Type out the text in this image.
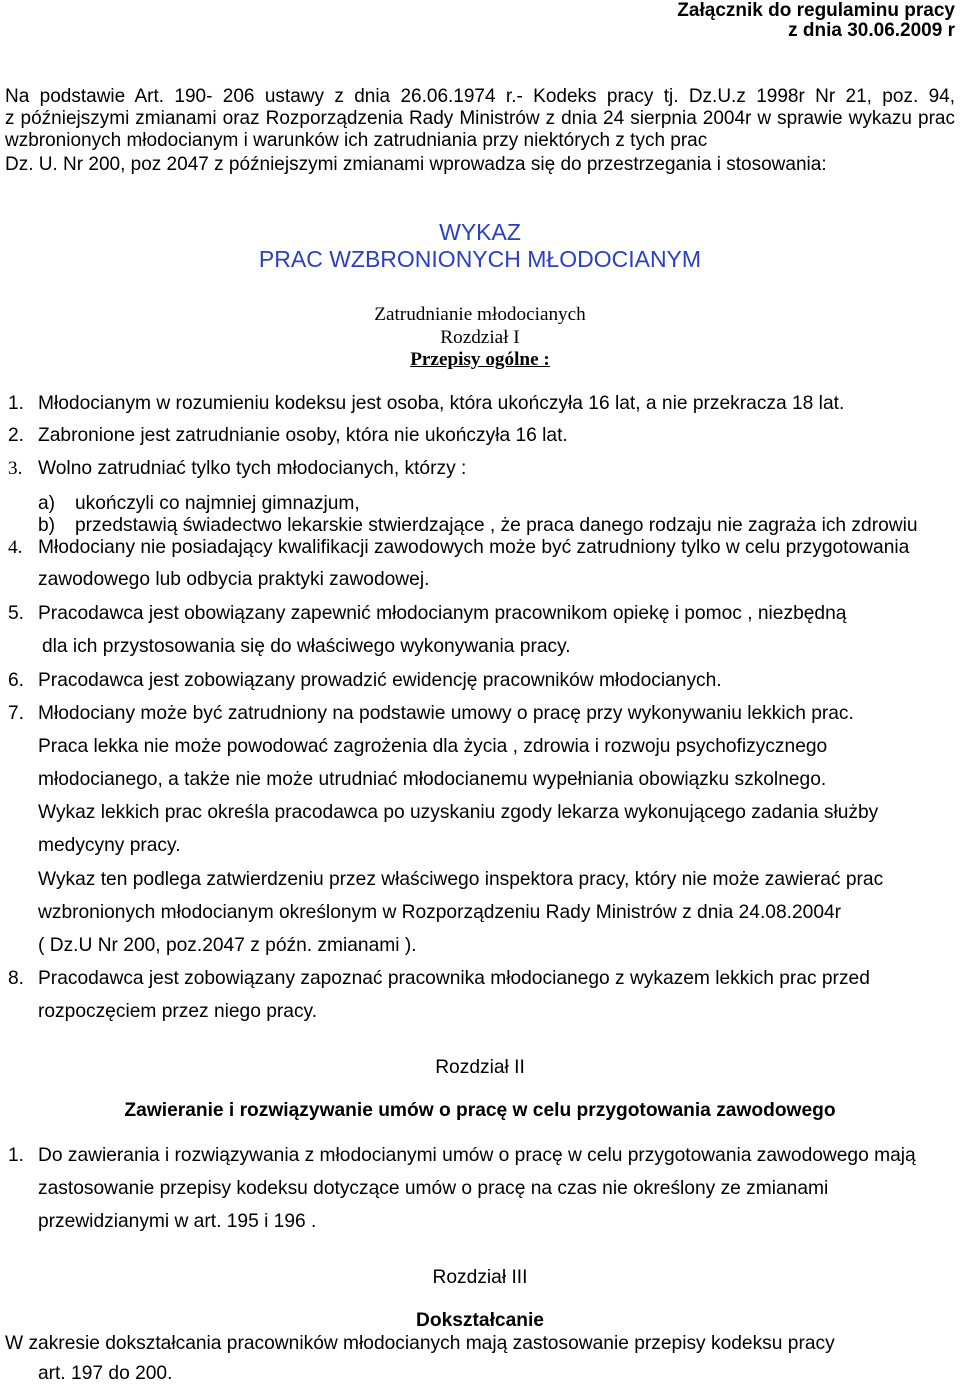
Załącznik do regulaminu pracy
z dnia 30.06.2009 r
Na podstawie Art. 190- 206 ustawy z dnia 26.06.1974 r.- Kodeks pracy tj. Dz.U.z 1998r Nr 21, poz. 94,
z późniejszymi zmianami oraz Rozporządzenia Rady Ministrów z dnia 24 sierpnia 2004r w sprawie wykazu prac
wzbronionych młodocianym i warunków ich zatrudniania przy niektórych z tych prac
Dz. U. Nr 200, poz 2047 z późniejszymi zmianami wprowadza się do przestrzegania i stosowania:
WYKAZ
PRAC WZBRONIONYCH MŁODOCIANYM
Zatrudnianie młodocianych
Rozdział I
Przepisy ogólne :
1. Młodocianym w rozumieniu kodeksu jest osoba, która ukończyła 16 lat, a nie przekracza 18 lat.
2. Zabronione jest zatrudnianie osoby, która nie ukończyła 16 lat.
3. Wolno zatrudniać tylko tych młodocianych, którzy :
a) ukończyli co najmniej gimnazjum,
b) przedstawią świadectwo lekarskie stwierdzające , że praca danego rodzaju nie zagraża ich zdrowiu
4. Młodociany nie posiadający kwalifikacji zawodowych może być zatrudniony tylko w celu przygotowania
zawodowego lub odbycia praktyki zawodowej.
5. Pracodawca jest obowiązany zapewnić młodocianym pracownikom opiekę i pomoc , niezbędną
dla ich przystosowania się do właściwego wykonywania pracy.
6. Pracodawca jest zobowiązany prowadzić ewidencję pracowników młodocianych.
7. Młodociany może być zatrudniony na podstawie umowy o pracę przy wykonywaniu lekkich prac.
Praca lekka nie może powodować zagrożenia dla życia , zdrowia i rozwoju psychofizycznego
młodocianego, a także nie może utrudniać młodocianemu wypełniania obowiązku szkolnego.
Wykaz lekkich prac określa pracodawca po uzyskaniu zgody lekarza wykonującego zadania służby
medycyny pracy.
Wykaz ten podlega zatwierdzeniu przez właściwego inspektora pracy, który nie może zawierać prac
wzbronionych młodocianym określonym w Rozporządzeniu Rady Ministrów z dnia 24.08.2004r
( Dz.U Nr 200, poz.2047 z późn. zmianami ).
8. Pracodawca jest zobowiązany zapoznać pracownika młodocianego z wykazem lekkich prac przed
rozpoczęciem przez niego pracy.
Rozdział II
Zawieranie i rozwiązywanie umów o pracę w celu przygotowania zawodowego
1. Do zawierania i rozwiązywania z młodocianymi umów o pracę w celu przygotowania zawodowego mają
zastosowanie przepisy kodeksu dotyczące umów o pracę na czas nie określony ze zmianami
przewidzianymi w art. 195 i 196 .
Rozdział III
Dokształcanie
W zakresie dokształcania pracowników młodocianych mają zastosowanie przepisy kodeksu pracy
art. 197 do 200.
